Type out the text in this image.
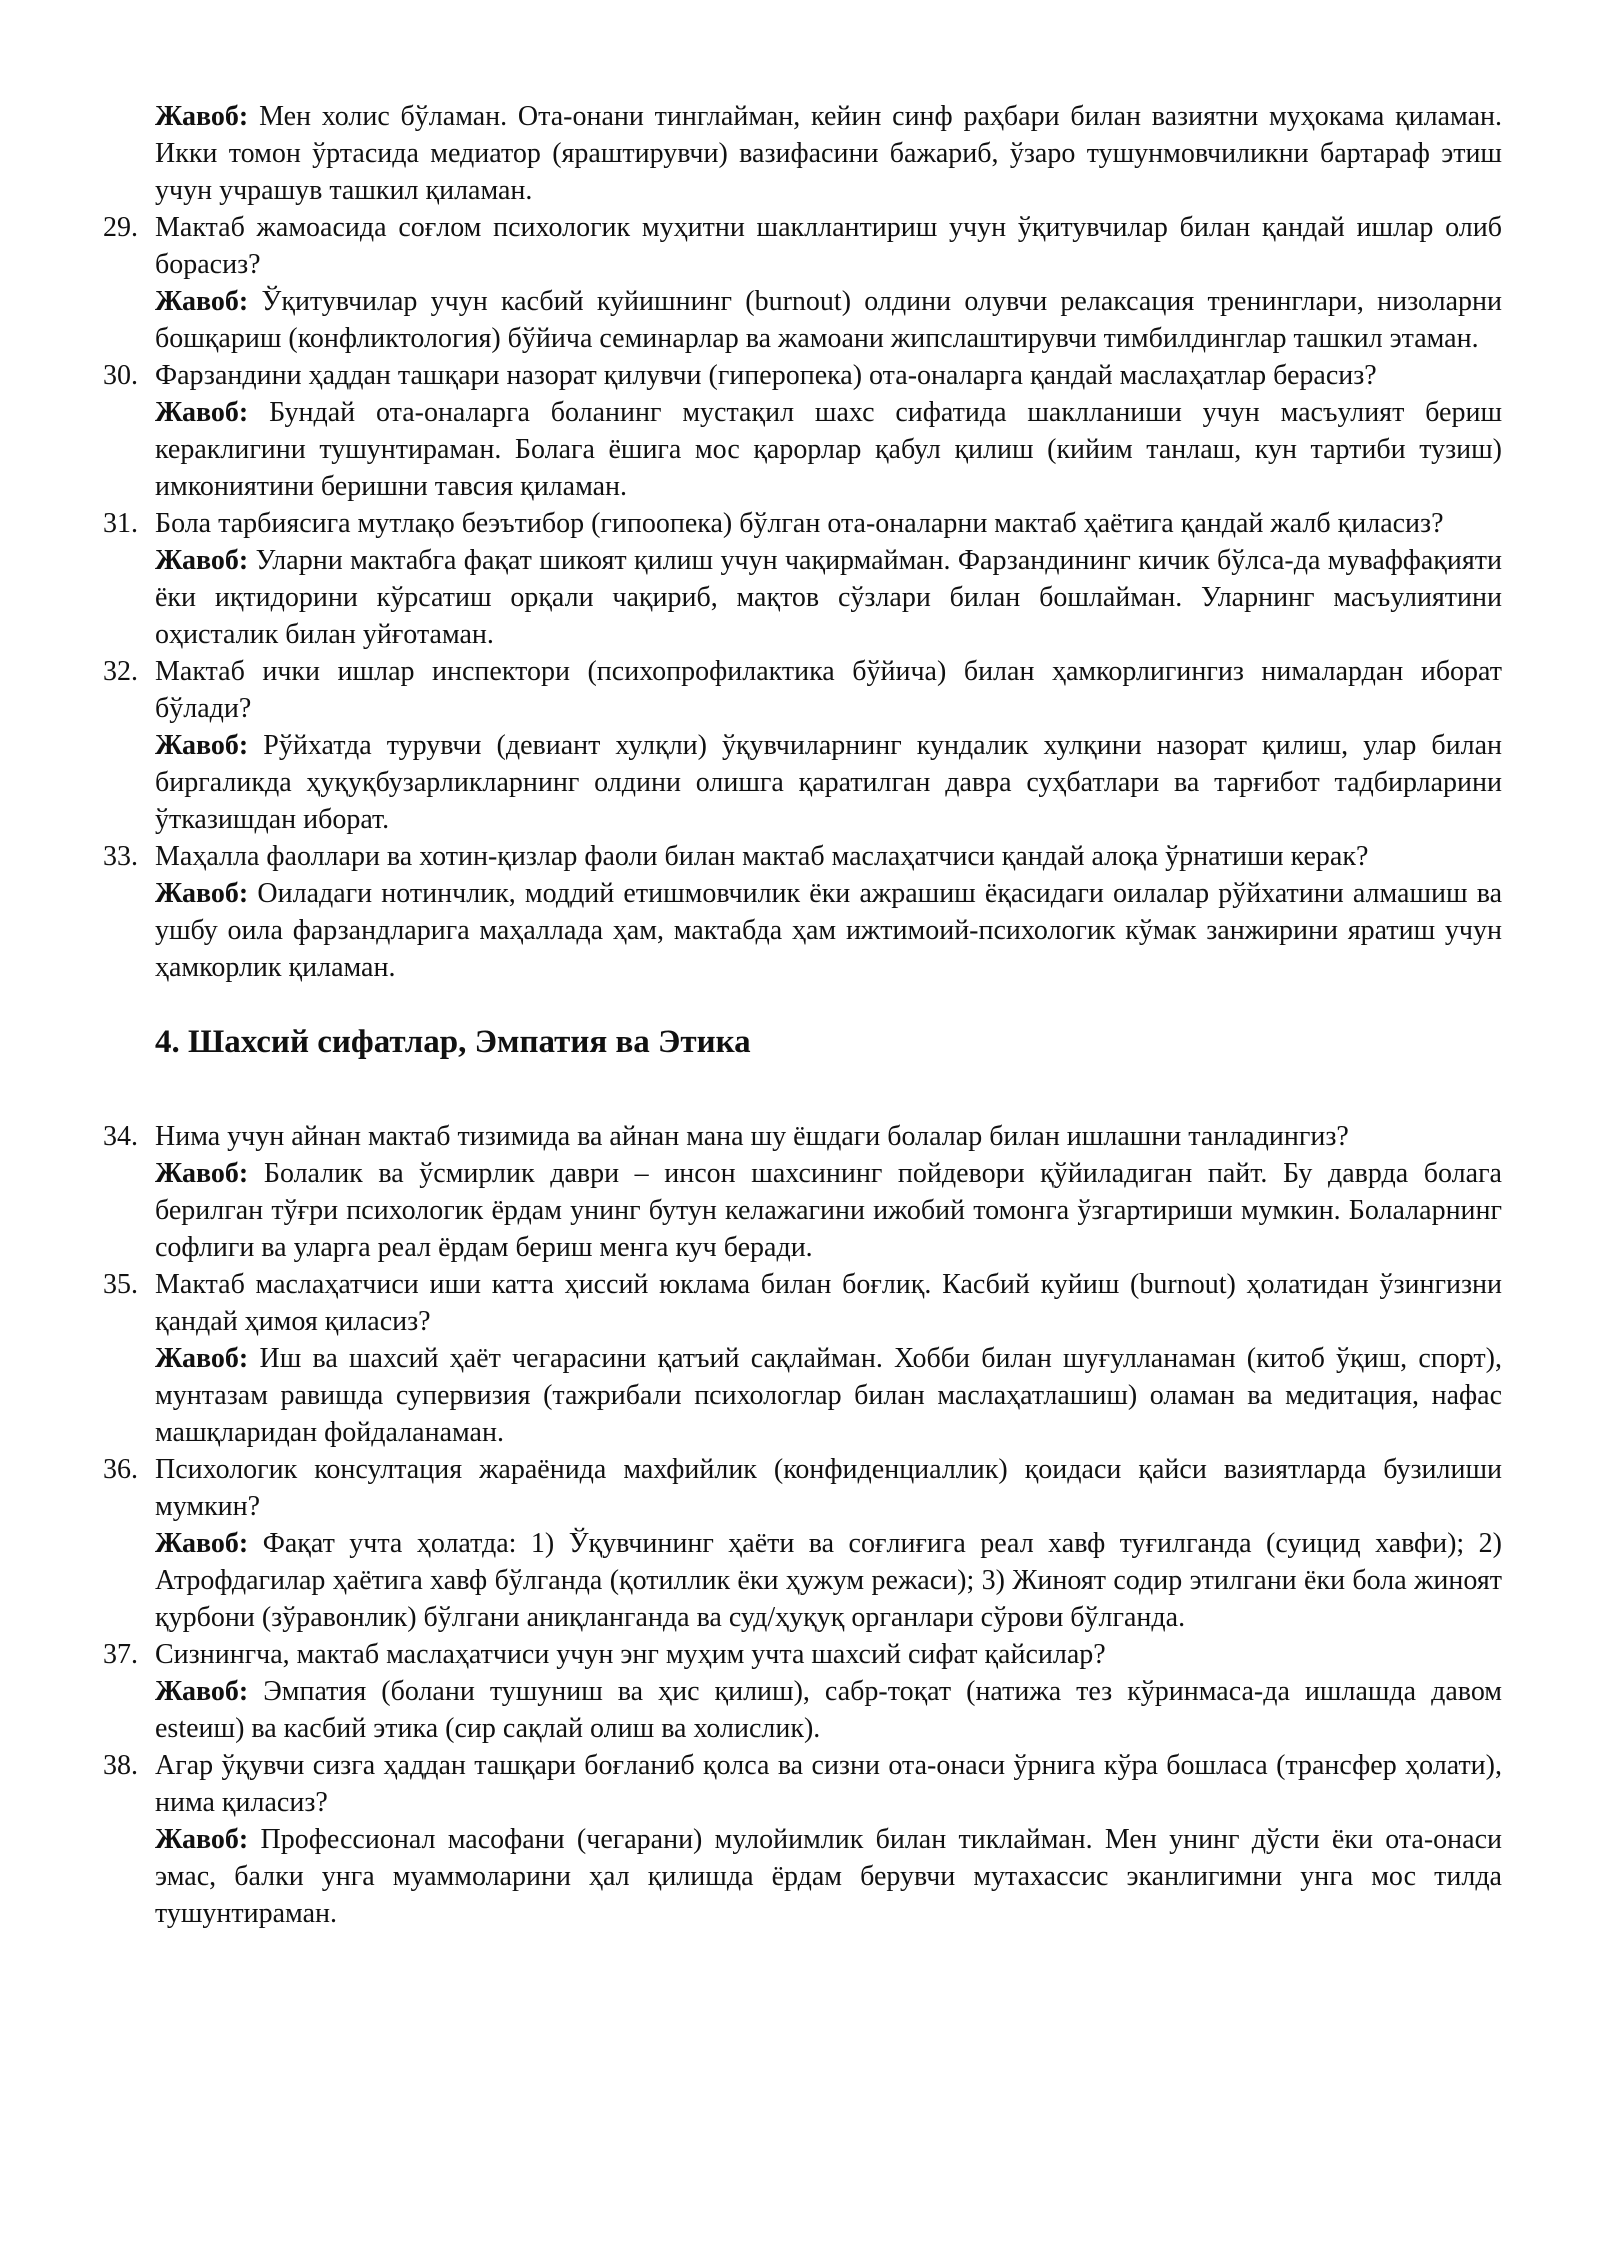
Жавоб: Мен холис бўламан. Ота-онани тинглайман, кейин синф раҳбари билан вазиятни муҳокама қиламан. Икки томон ўртасида медиатор (яраштирувчи) вазифасини бажариб, ўзаро тушунмовчиликни бартараф этиш учун учрашув ташкил қиламан.
29. Мактаб жамоасида соғлом психологик муҳитни шакллантириш учун ўқитувчилар билан қандай ишлар олиб борасиз?
Жавоб: Ўқитувчилар учун касбий куйишнинг (burnout) олдини олувчи релаксация тренинглари, низоларни бошқариш (конфликтология) бўйича семинарлар ва жамоани жипслаштирувчи тимбилдинглар ташкил этаман.
30. Фарзандини ҳаддан ташқари назорат қилувчи (гиперопека) ота-оналарга қандай маслаҳатлар берасиз?
Жавоб: Бундай ота-оналарга боланинг мустақил шахс сифатида шаклланиши учун масъулият бериш кераклигини тушунтираман. Болага ёшига мос қарорлар қабул қилиш (кийим танлаш, кун тартиби тузиш) имкониятини беришни тавсия қиламан.
31. Бола тарбиясига мутлақо беэътибор (гипоопека) бўлган ота-оналарни мактаб ҳаётига қандай жалб қиласиз?
Жавоб: Уларни мактабга фақат шикоят қилиш учун чақирмайман. Фарзандининг кичик бўлса-да муваффақияти ёки иқтидорини кўрсатиш орқали чақириб, мақтов сўзлари билан бошлайман. Уларнинг масъулиятини оҳисталик билан уйғотаман.
32. Мактаб ички ишлар инспектори (психопрофилактика бўйича) билан ҳамкорлигингиз нималардан иборат бўлади?
Жавоб: Рўйхатда турувчи (девиант хулқли) ўқувчиларнинг кундалик хулқини назорат қилиш, улар билан биргаликда ҳуқуқбузарликларнинг олдини олишга қаратилган давра суҳбатлари ва тарғибот тадбирларини ўтказишдан иборат.
33. Маҳалла фаоллари ва хотин-қизлар фаоли билан мактаб маслаҳатчиси қандай алоқа ўрнатиши керак?
Жавоб: Оиладаги нотинчлик, моддий етишмовчилик ёки ажрашиш ёқасидаги оилалар рўйхатини алмашиш ва ушбу оила фарзандларига маҳаллада ҳам, мактабда ҳам ижтимоий-психологик кўмак занжирини яратиш учун ҳамкорлик қиламан.
4. Шахсий сифатлар, Эмпатия ва Этика
34. Нима учун айнан мактаб тизимида ва айнан мана шу ёшдаги болалар билан ишлашни танладингиз?
Жавоб: Болалик ва ўсмирлик даври – инсон шахсининг пойдевори қўйиладиган пайт. Бу даврда болага берилган тўғри психологик ёрдам унинг бутун келажагини ижобий томонга ўзгартириши мумкин. Болаларнинг софлиги ва уларга реал ёрдам бериш менга куч беради.
35. Мактаб маслаҳатчиси иши катта ҳиссий юклама билан боғлиқ. Касбий куйиш (burnout) ҳолатидан ўзингизни қандай ҳимоя қиласиз?
Жавоб: Иш ва шахсий ҳаёт чегарасини қатъий сақлайман. Хобби билан шуғулланаман (китоб ўқиш, спорт), мунтазам равишда супервизия (тажрибали психологлар билан маслаҳатлашиш) оламан ва медитация, нафас машқларидан фойдаланаман.
36. Психологик консултация жараёнида махфийлик (конфиденциаллик) қоидаси қайси вазиятларда бузилиши мумкин?
Жавоб: Фақат учта ҳолатда: 1) Ўқувчининг ҳаёти ва соғлиғига реал хавф туғилганда (суицид хавфи); 2) Атрофдагилар ҳаётига хавф бўлганда (қотиллик ёки ҳужум режаси); 3) Жиноят содир этилгани ёки бола жиноят қурбони (зўравонлик) бўлгани аниқланганда ва суд/ҳуқуқ органлари сўрови бўлганда.
37. Сизнингча, мактаб маслаҳатчиси учун энг муҳим учта шахсий сифат қайсилар?
Жавоб: Эмпатия (болани тушуниш ва ҳис қилиш), сабр-тоқат (натижа тез кўринмаса-да ишлашда давом esteиш) ва касбий этика (сир сақлай олиш ва холислик).
38. Агар ўқувчи сизга ҳаддан ташқари боғланиб қолса ва сизни ота-онаси ўрнига кўра бошласа (трансфер ҳолати), нима қиласиз?
Жавоб: Профессионал масофани (чегарани) мулойимлик билан тиклайман. Мен унинг дўсти ёки ота-онаси эмас, балки унга муаммоларини ҳал қилишда ёрдам берувчи мутахассис эканлигимни унга мос тилда тушунтираман.
